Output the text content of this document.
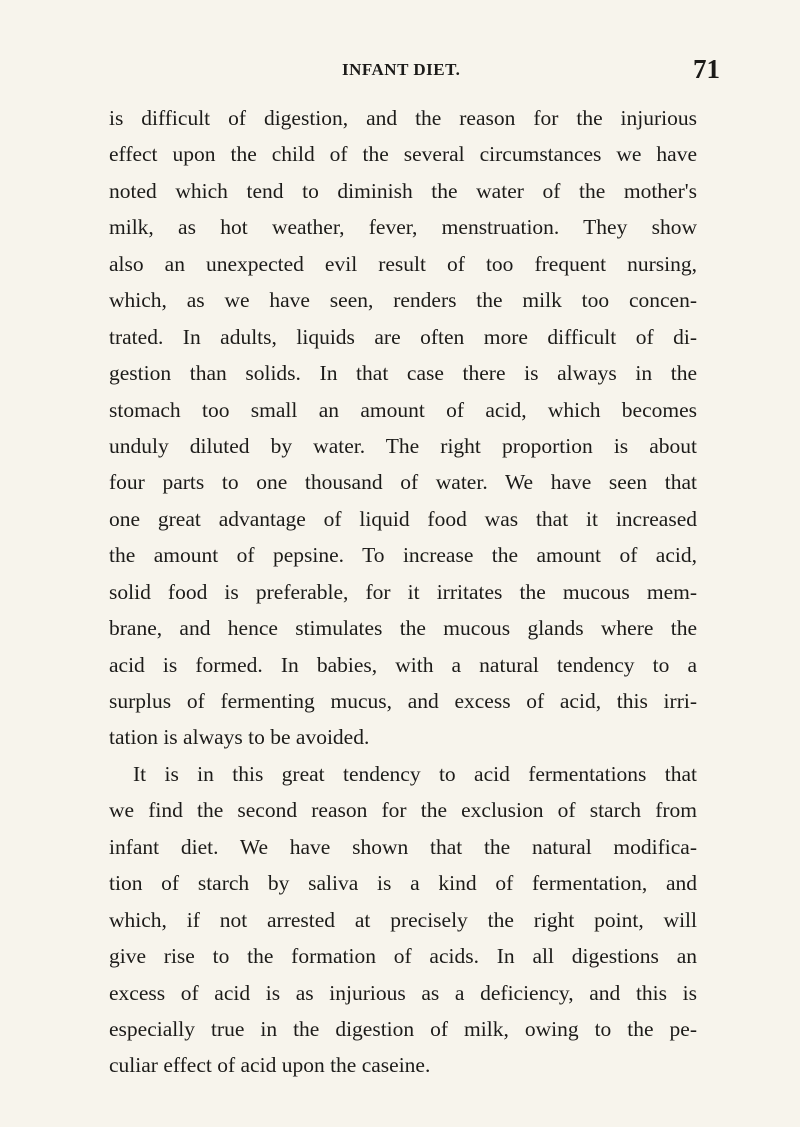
INFANT DIET.	71
is difficult of digestion, and the reason for the injurious
effect upon the child of the several circumstances we have
noted which tend to diminish the water of the mother's
milk, as hot weather, fever, menstruation. They show
also an unexpected evil result of too frequent nursing,
which, as we have seen, renders the milk too concen-
trated. In adults, liquids are often more difficult of di-
gestion than solids. In that case there is always in the
stomach too small an amount of acid, which becomes
unduly diluted by water. The right proportion is about
four parts to one thousand of water. We have seen that
one great advantage of liquid food was that it increased
the amount of pepsine. To increase the amount of acid,
solid food is preferable, for it irritates the mucous mem-
brane, and hence stimulates the mucous glands where the
acid is formed. In babies, with a natural tendency to a
surplus of fermenting mucus, and excess of acid, this irri-
tation is always to be avoided.
It is in this great tendency to acid fermentations that
we find the second reason for the exclusion of starch from
infant diet. We have shown that the natural modifica-
tion of starch by saliva is a kind of fermentation, and
which, if not arrested at precisely the right point, will
give rise to the formation of acids. In all digestions an
excess of acid is as injurious as a deficiency, and this is
especially true in the digestion of milk, owing to the pe-
culiar effect of acid upon the caseine.
